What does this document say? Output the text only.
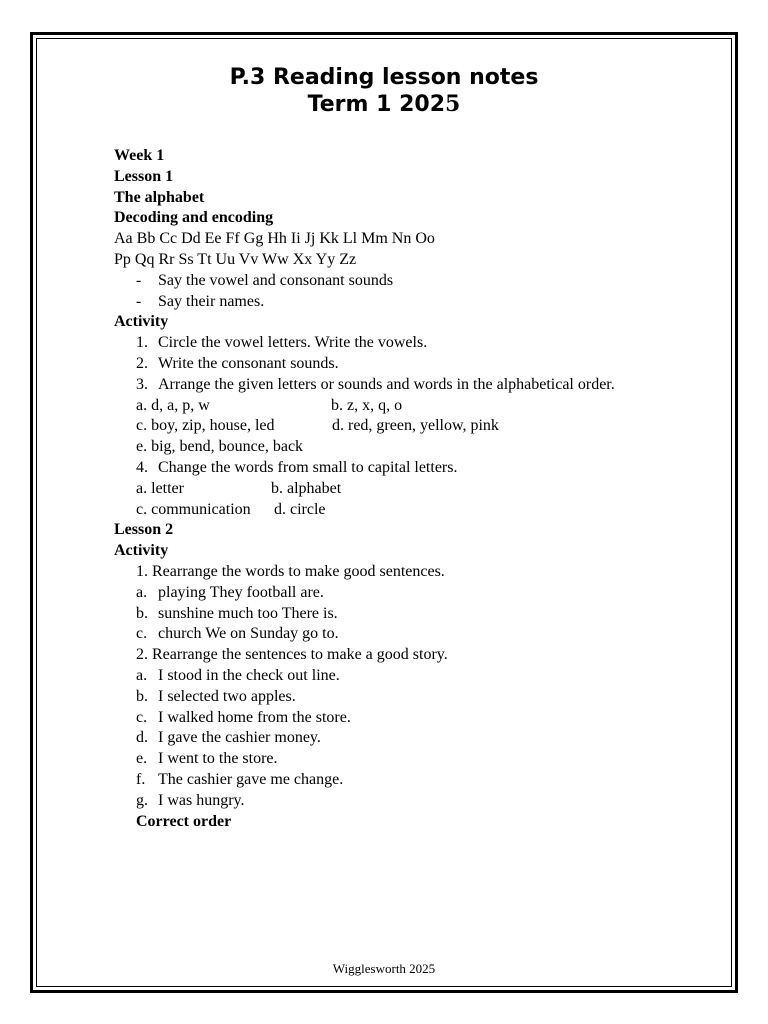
P.3 Reading lesson notes
Term 1 2025
Week 1
Lesson 1
The alphabet
Decoding and encoding
Aa Bb Cc Dd Ee Ff Gg Hh Ii Jj Kk Ll Mm Nn Oo
Pp Qq Rr Ss Tt Uu Vv Ww Xx Yy Zz
- Say the vowel and consonant sounds
- Say their names.
Activity
1. Circle the vowel letters. Write the vowels.
2. Write the consonant sounds.
3. Arrange the given letters or sounds and words in the alphabetical order.
a. d, a, p, w	b. z, x, q, o
c. boy, zip, house, led	d. red, green, yellow, pink
e. big, bend, bounce, back
4. Change the words from small to capital letters.
a. letter	b. alphabet
c. communication d. circle
Lesson 2
Activity
1. Rearrange the words to make good sentences.
a. playing They football are.
b. sunshine much too There is.
c. church We on Sunday go to.
2. Rearrange the sentences to make a good story.
a. I stood in the check out line.
b. I selected two apples.
c. I walked home from the store.
d. I gave the cashier money.
e. I went to the store.
f. The cashier gave me change.
g. I was hungry.
Correct order
Wigglesworth 2025
